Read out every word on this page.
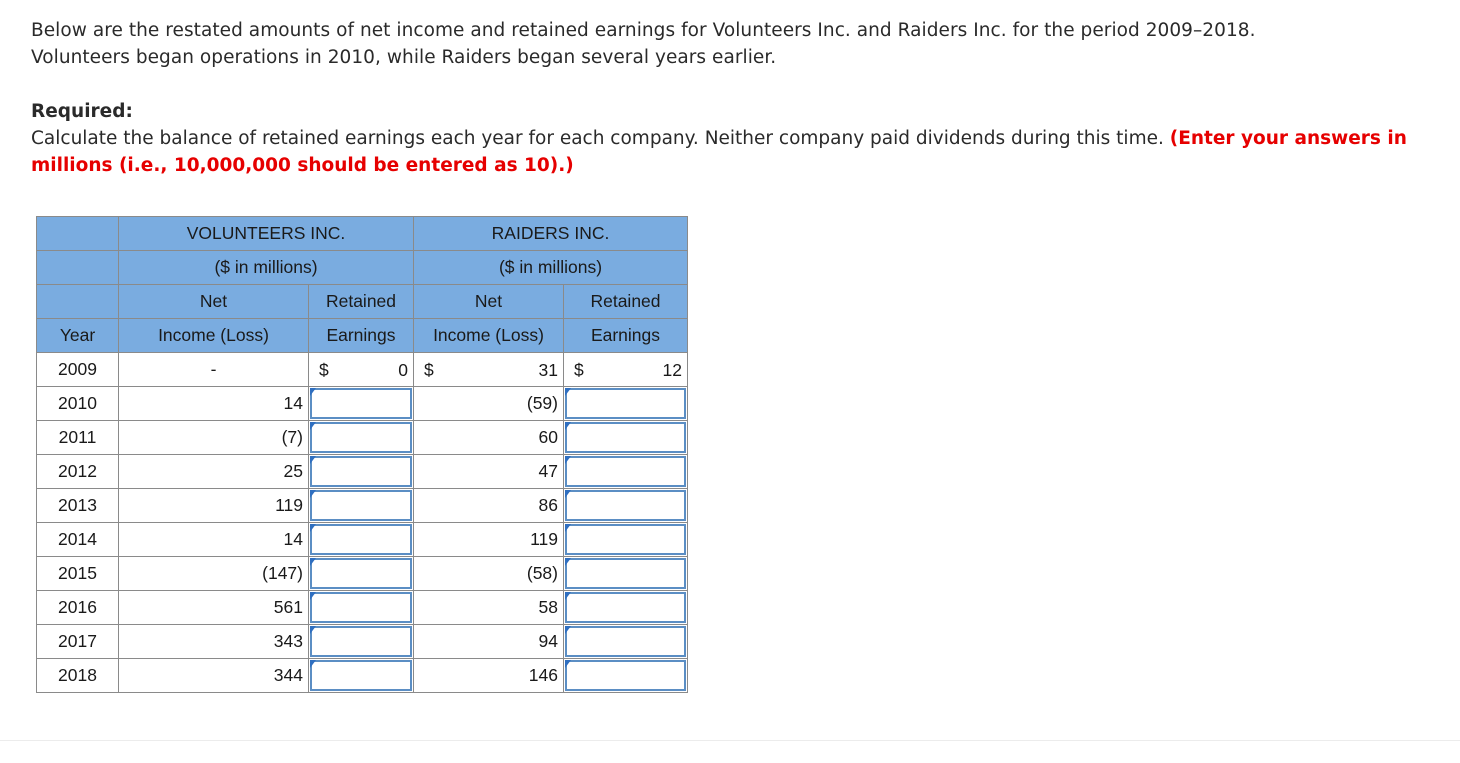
Below are the restated amounts of net income and retained earnings for Volunteers Inc. and Raiders Inc. for the period 2009–2018.

Volunteers began operations in 2010, while Raiders began several years earlier.

Required:
Calculate the balance of retained earnings each year for each company. Neither company paid dividends during this time. (Enter your answers in millions (i.e., 10,000,000 should be entered as 10).)
	VOLUNTEERS INC.		RAIDERS INC.	
	($ in millions)		($ in millions)	
	Net	Retained	Net	Retained
Year	Income (Loss)	Earnings	Income (Loss)	Earnings
2009	-	$ 0	$ 31	$ 12

2010	14		(59)	

2011	(7)		60	

2012	25		47	

2013	119		86	

2014	14		119	

2015	(147)		(58)	

2016	561		58	

2017	343		94	

2018	344		146	
